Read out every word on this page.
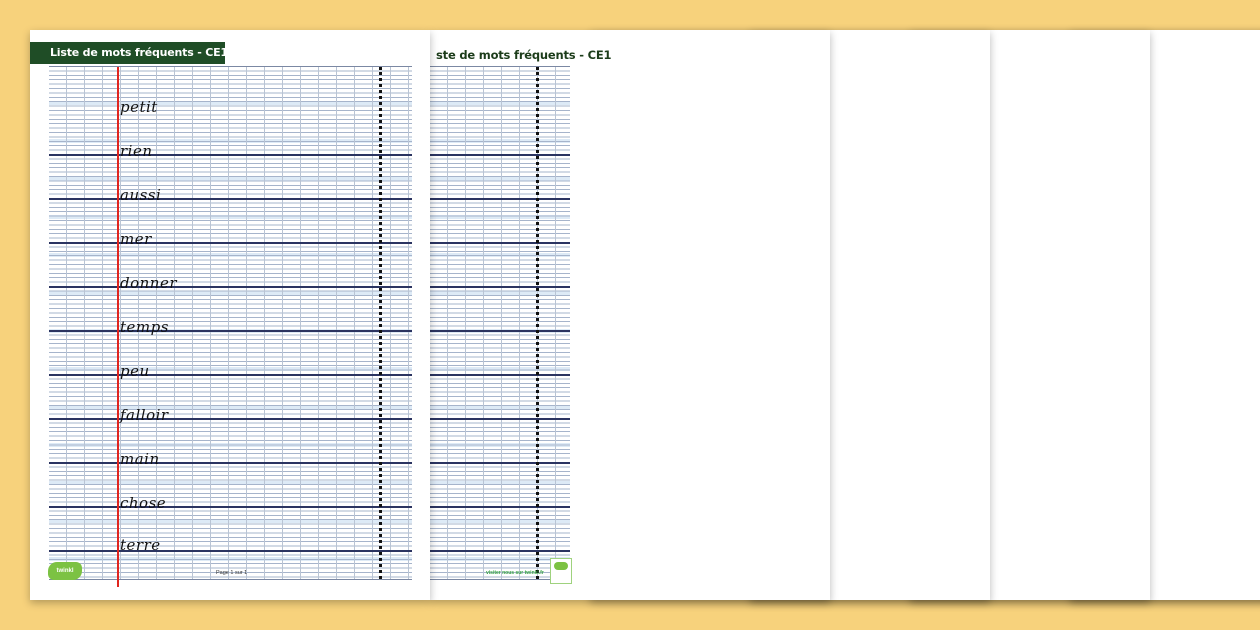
ste de mots fréquents - CE1
visiter nous sur twinkl.fr
Liste de mots fréquents - CE1
petit
rien
aussi
mer
donner
temps
peu
falloir
main
chose
terre
twinkl	Page 1 sur 1
